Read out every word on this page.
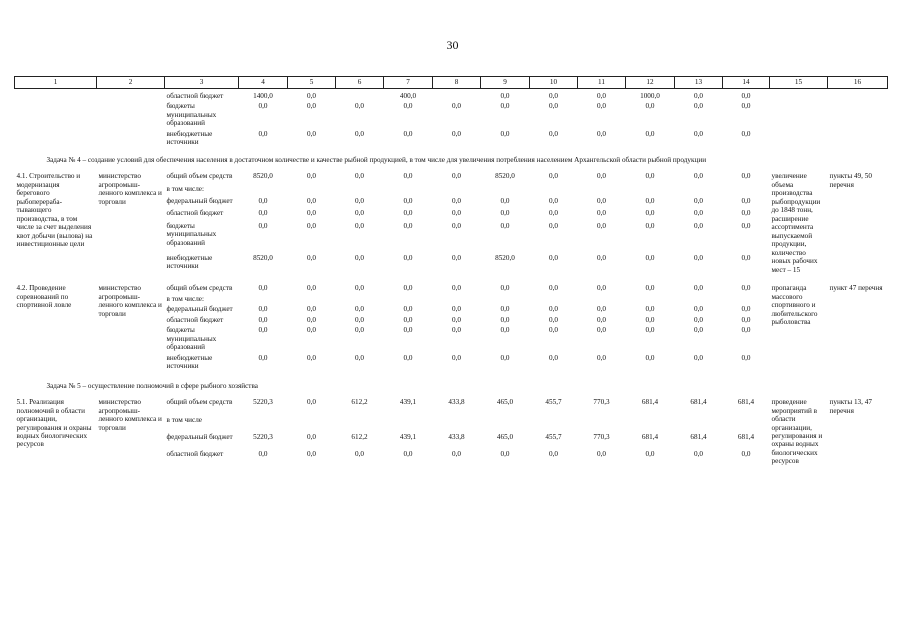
30
1	2	3	4	5	6	7	8	9	10	11	12	13	14	15	16

		областной бюджет	1400,0	0,0		400,0		0,0	0,0	0,0	1000,0	0,0	0,0		
		бюджеты муниципальных образований	0,0	0,0	0,0	0,0	0,0	0,0	0,0	0,0	0,0	0,0	0,0		
		внебюджетные источники	0,0	0,0	0,0	0,0	0,0	0,0	0,0	0,0	0,0	0,0	0,0		
Задача № 4 – создание условий для обеспечения населения в достаточном количестве и качестве рыбной продукцией, в том числе для увеличения потребления населением Архангельской области рыбной продукции															
4.1. Строительство и модернизация берегового рыбоперераба-тывающего производства, в том числе за счет выделения квот добычи (вылова) на инвестиционные цели	министерство агропромыш-ленного комплекса и торговли	общий объем средств	8520,0	0,0	0,0	0,0	0,0	8520,0	0,0	0,0	0,0	0,0	0,0	увеличение объема производства рыбопродукции до 1848 тонн, расширение ассортимента выпускаемой продукции, количество новых рабочих мест – 15	пункты 49, 50 перечня
		в том числе:													
		федеральный бюджет	0,0	0,0	0,0	0,0	0,0	0,0	0,0	0,0	0,0	0,0	0,0		
		областной бюджет	0,0	0,0	0,0	0,0	0,0	0,0	0,0	0,0	0,0	0,0	0,0		
		бюджеты муниципальных образований	0,0	0,0	0,0	0,0	0,0	0,0	0,0	0,0	0,0	0,0	0,0		
		внебюджетные источники	8520,0	0,0	0,0	0,0	0,0	8520,0	0,0	0,0	0,0	0,0	0,0		

4.2. Проведение соревнований по спортивной ловле	министерство агропромыш-ленного комплекса и торговли	общий объем средств	0,0	0,0	0,0	0,0	0,0	0,0	0,0	0,0	0,0	0,0	0,0	пропаганда массового спортивного и любительского рыболовства	пункт 47 перечня
		в том числе:													
		федеральный бюджет	0,0	0,0	0,0	0,0	0,0	0,0	0,0	0,0	0,0	0,0	0,0		
		областной бюджет	0,0	0,0	0,0	0,0	0,0	0,0	0,0	0,0	0,0	0,0	0,0		
		бюджеты муниципальных образований	0,0	0,0	0,0	0,0	0,0	0,0	0,0	0,0	0,0	0,0	0,0		
		внебюджетные источники	0,0	0,0	0,0	0,0	0,0	0,0	0,0	0,0	0,0	0,0	0,0		
Задача № 5 – осуществление полномочий в сфере рыбного хозяйства															
5.1. Реализация полномочий в области организации, регулирования и охраны водных биологических ресурсов	министерство агропромыш-ленного комплекса и торговли	общий объем средств	5220,3	0,0	612,2	439,1	433,8	465,0	455,7	770,3	681,4	681,4	681,4	проведение мероприятий в области организации, регулирования и охраны водных биологических ресурсов	пункты 13, 47 перечня
		в том числе													
		федеральный бюджет	5220,3	0,0	612,2	439,1	433,8	465,0	455,7	770,3	681,4	681,4	681,4		
		областной бюджет	0,0	0,0	0,0	0,0	0,0	0,0	0,0	0,0	0,0	0,0	0,0		
